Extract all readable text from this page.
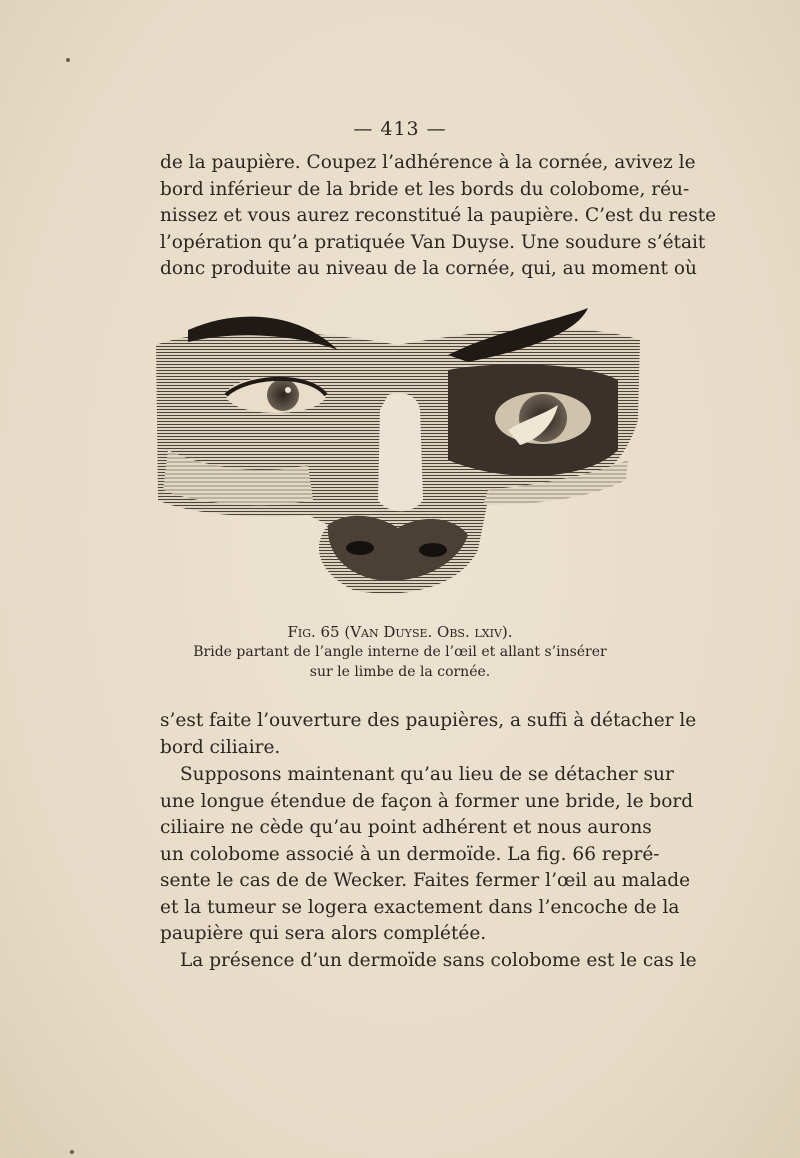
— 413 —
de la paupière. Coupez l’adhérence à la cornée, avivez le
bord inférieur de la bride et les bords du colobome, réu-
nissez et vous aurez reconstitué la paupière. C’est du reste
l’opération qu’a pratiquée Van Duyse. Une soudure s’était
donc produite au niveau de la cornée, qui, au moment où
Fig. 65 (Van Duyse. Obs. lxiv).
Bride partant de l’angle interne de l’œil et allant s’insérer
sur le limbe de la cornée.
s’est faite l’ouverture des paupières, a suffi à détacher le
bord ciliaire.
Supposons maintenant qu’au lieu de se détacher sur
une longue étendue de façon à former une bride, le bord
ciliaire ne cède qu’au point adhérent et nous aurons
un colobome associé à un dermoïde. La fig. 66 repré-
sente le cas de de Wecker. Faites fermer l’œil au malade
et la tumeur se logera exactement dans l’encoche de la
paupière qui sera alors complétée.
La présence d’un dermoïde sans colobome est le cas le
